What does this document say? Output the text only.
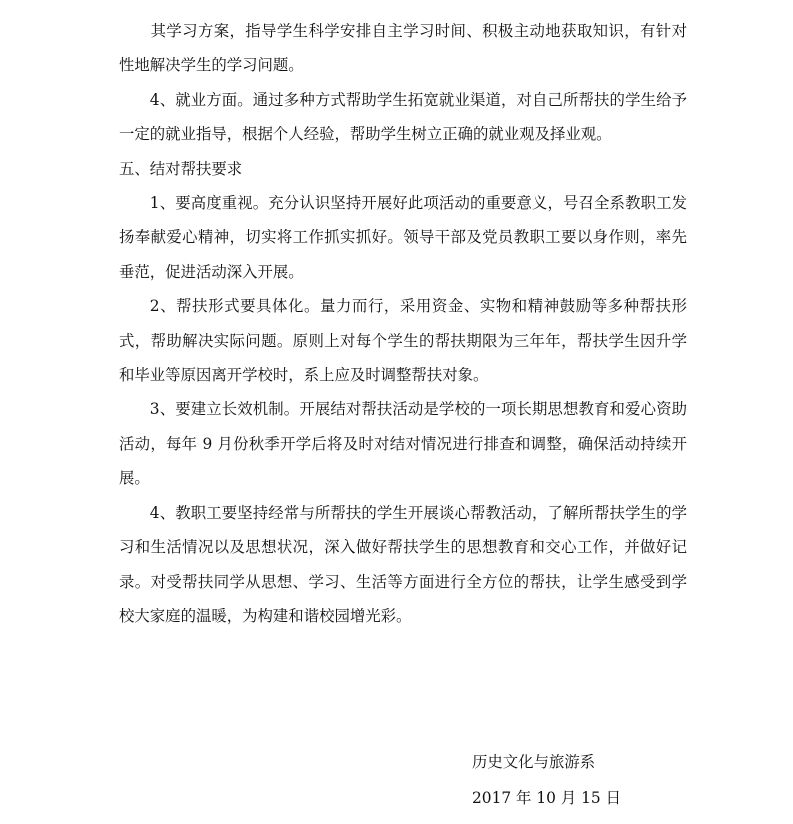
　　其学习方案，指导学生科学安排自主学习时间、积极主动地获取知识，有针对性地解决学生的学习问题。

4、就业方面。通过多种方式帮助学生拓宽就业渠道，对自己所帮扶的学生给予一定的就业指导，根据个人经验，帮助学生树立正确的就业观及择业观。

五、结对帮扶要求

1、要高度重视。充分认识坚持开展好此项活动的重要意义，号召全系教职工发扬奉献爱心精神，切实将工作抓实抓好。领导干部及党员教职工要以身作则，率先垂范，促进活动深入开展。

2、帮扶形式要具体化。量力而行，采用资金、实物和精神鼓励等多种帮扶形式，帮助解决实际问题。原则上对每个学生的帮扶期限为三年年，帮扶学生因升学和毕业等原因离开学校时，系上应及时调整帮扶对象。

3、要建立长效机制。开展结对帮扶活动是学校的一项长期思想教育和爱心资助活动，每年 9 月份秋季开学后将及时对结对情况进行排查和调整，确保活动持续开展。

4、教职工要坚持经常与所帮扶的学生开展谈心帮教活动，了解所帮扶学生的学习和生活情况以及思想状况，深入做好帮扶学生的思想教育和交心工作，并做好记录。对受帮扶同学从思想、学习、生活等方面进行全方位的帮扶，让学生感受到学校大家庭的温暖，为构建和谐校园增光彩。

历史文化与旅游系
2017 年 10 月 15 日
